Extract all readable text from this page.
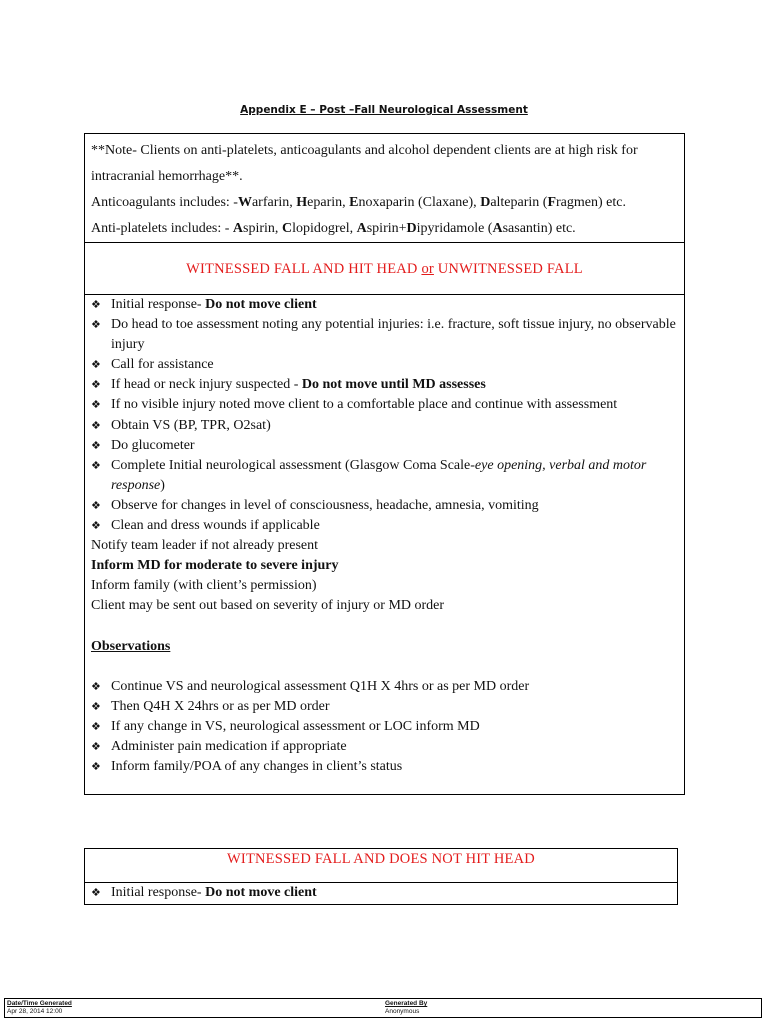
Appendix E – Post –Fall Neurological Assessment
**Note- Clients on anti-platelets, anticoagulants and alcohol dependent clients are at high risk for intracranial hemorrhage**.
Anticoagulants includes: -Warfarin, Heparin, Enoxaparin (Claxane), Dalteparin (Fragmen) etc.
Anti-platelets includes: - Aspirin, Clopidogrel, Aspirin+Dipyridamole (Asasantin) etc.
WITNESSED FALL AND HIT HEAD or UNWITNESSED FALL
❖ Initial response- Do not move client
❖ Do head to toe assessment noting any potential injuries: i.e. fracture, soft tissue injury, no observable injury
❖ Call for assistance
❖ If head or neck injury suspected - Do not move until MD assesses
❖ If no visible injury noted move client to a comfortable place and continue with assessment
❖ Obtain VS (BP, TPR, O2sat)
❖ Do glucometer
❖ Complete Initial neurological assessment (Glasgow Coma Scale-eye opening, verbal and motor response)
❖ Observe for changes in level of consciousness, headache, amnesia, vomiting
❖ Clean and dress wounds if applicable
Notify team leader if not already present
Inform MD for moderate to severe injury
Inform family (with client’s permission)
Client may be sent out based on severity of injury or MD order
Observations
❖ Continue VS and neurological assessment Q1H X 4hrs or as per MD order
❖ Then Q4H X 24hrs or as per MD order
❖ If any change in VS, neurological assessment or LOC inform MD
❖ Administer pain medication if appropriate
❖ Inform family/POA of any changes in client’s status
WITNESSED FALL AND DOES NOT HIT HEAD
❖ Initial response- Do not move client
Date/Time Generated
Apr 28, 2014 12:00
Generated By
Anonymous
